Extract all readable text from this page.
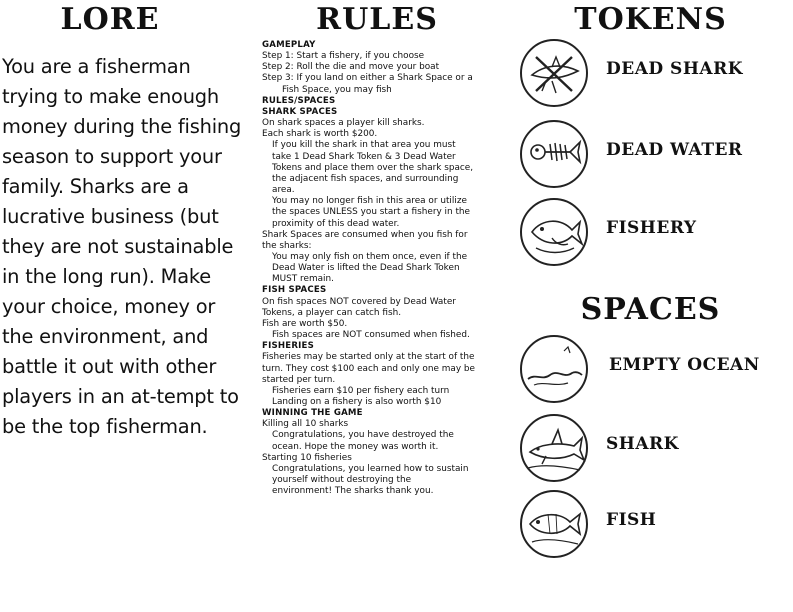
LORE

You are a fisherman trying to make enough money during the fishing season to support your family. Sharks are a lucrative business (but they are not sustainable in the long run). Make your choice, money or the environment, and battle it out with other players in an at-tempt to be the top fisherman.

RULES
GAMEPLAY
Step 1: Start a fishery, if you choose
Step 2: Roll the die and move your boat
Step 3: If you land on either a Shark Space or a
Fish Space, you may fish
RULES/SPACES
SHARK SPACES
On shark spaces a player kill sharks.
Each shark is worth $200.
If you kill the shark in that area you must
take 1 Dead Shark Token & 3 Dead Water
Tokens and place them over the shark space,
the adjacent fish spaces, and surrounding
area.
You may no longer fish in this area or utilize
the spaces UNLESS you start a fishery in the
proximity of this dead water.
Shark Spaces are consumed when you fish for
the sharks:
You may only fish on them once, even if the
Dead Water is lifted the Dead Shark Token
MUST remain.
FISH SPACES
On fish spaces NOT covered by Dead Water
Tokens, a player can catch fish.
Fish are worth $50.
Fish spaces are NOT consumed when fished.
FISHERIES
Fisheries may be started only at the start of the
turn. They cost $100 each and only one may be
started per turn.
Fisheries earn $10 per fishery each turn
Landing on a fishery is also worth $10
WINNING THE GAME
Killing all 10 sharks
Congratulations, you have destroyed the
ocean. Hope the money was worth it.
Starting 10 fisheries
Congratulations, you learned how to sustain
yourself without destroying the
environment! The sharks thank you.
TOKENS
DEAD SHARK
DEAD WATER
FISHERY
SPACES
EMPTY OCEAN
SHARK
FISH
